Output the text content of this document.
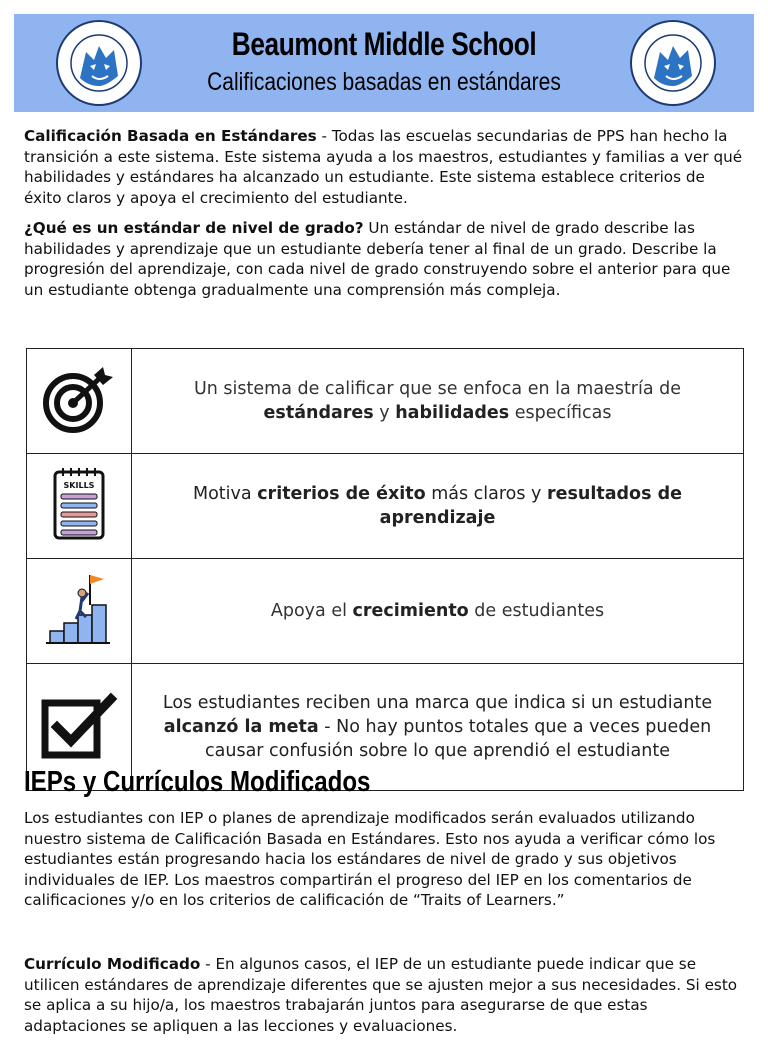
Beaumont Middle School
Calificaciones basadas en estándares
Calificación Basada en Estándares - Todas las escuelas secundarias de PPS han hecho la transición a este sistema. Este sistema ayuda a los maestros, estudiantes y familias a ver qué habilidades y estándares ha alcanzado un estudiante. Este sistema establece criterios de éxito claros y apoya el crecimiento del estudiante.
¿Qué es un estándar de nivel de grado? Un estándar de nivel de grado describe las habilidades y aprendizaje que un estudiante debería tener al final de un grado. Describe la progresión del aprendizaje, con cada nivel de grado construyendo sobre el anterior para que un estudiante obtenga gradualmente una comprensión más compleja.
	Un sistema de calificar que se enfoca en la maestría de estándares y habilidades específicas

SKILLS	Motiva criterios de éxito más claros y resultados de aprendizaje
	Apoya el crecimiento de estudiantes
	Los estudiantes reciben una marca que indica si un estudiante alcanzó la meta - No hay puntos totales que a veces pueden causar confusión sobre lo que aprendió el estudiante
IEPs y Currículos Modificados
Los estudiantes con IEP o planes de aprendizaje modificados serán evaluados utilizando nuestro sistema de Calificación Basada en Estándares. Esto nos ayuda a verificar cómo los estudiantes están progresando hacia los estándares de nivel de grado y sus objetivos individuales de IEP. Los maestros compartirán el progreso del IEP en los comentarios de calificaciones y/o en los criterios de calificación de “Traits of Learners.”
Currículo Modificado - En algunos casos, el IEP de un estudiante puede indicar que se utilicen estándares de aprendizaje diferentes que se ajusten mejor a sus necesidades. Si esto se aplica a su hijo/a, los maestros trabajarán juntos para asegurarse de que estas adaptaciones se apliquen a las lecciones y evaluaciones.
